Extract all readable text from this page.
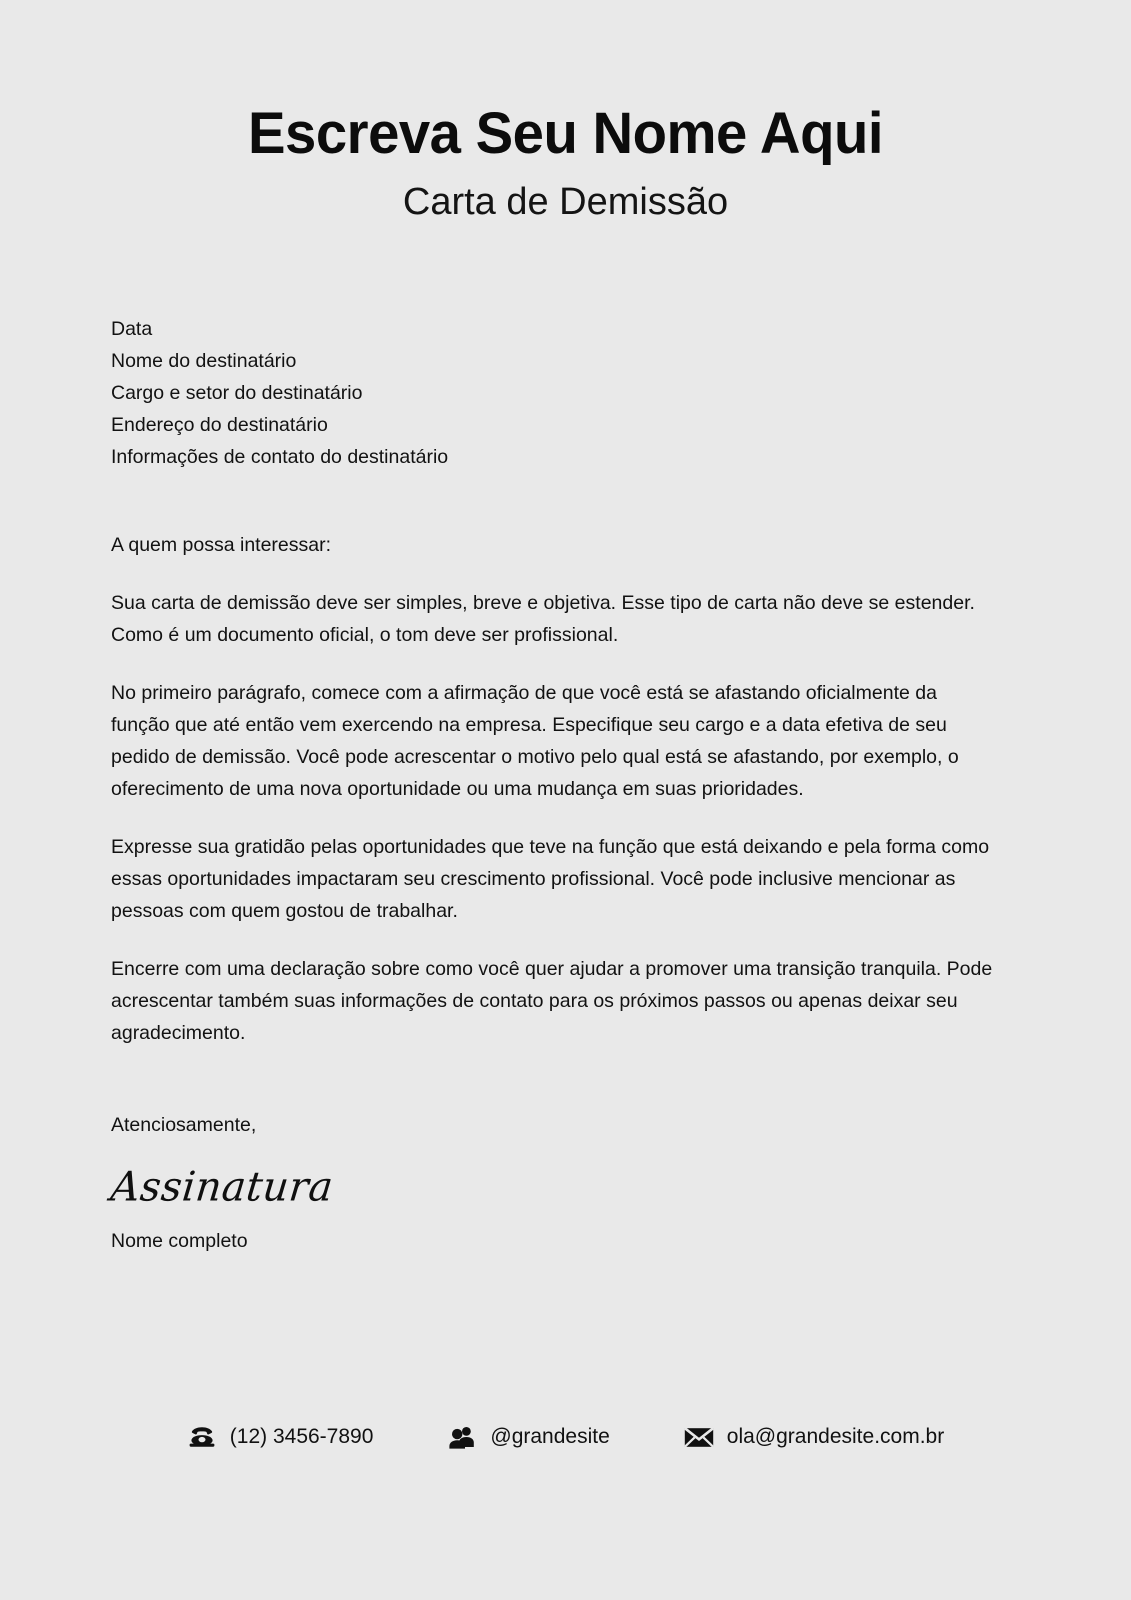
Escreva Seu Nome Aqui
Carta de Demissão
Data
Nome do destinatário
Cargo e setor do destinatário
Endereço do destinatário
Informações de contato do destinatário

A quem possa interessar:

Sua carta de demissão deve ser simples, breve e objetiva. Esse tipo de carta não deve se estender. Como é um documento oficial, o tom deve ser profissional.

No primeiro parágrafo, comece com a afirmação de que você está se afastando oficialmente da função que até então vem exercendo na empresa. Especifique seu cargo e a data efetiva de seu pedido de demissão. Você pode acrescentar o motivo pelo qual está se afastando, por exemplo, o oferecimento de uma nova oportunidade ou uma mudança em suas prioridades.

Expresse sua gratidão pelas oportunidades que teve na função que está deixando e pela forma como essas oportunidades impactaram seu crescimento profissional. Você pode inclusive mencionar as pessoas com quem gostou de trabalhar.

Encerre com uma declaração sobre como você quer ajudar a promover uma transição tranquila. Pode acrescentar também suas informações de contato para os próximos passos ou apenas deixar seu agradecimento.

Atenciosamente,

Assinatura
Nome completo
(12) 3456-7890	@grandesite	ola@grandesite.com.br
